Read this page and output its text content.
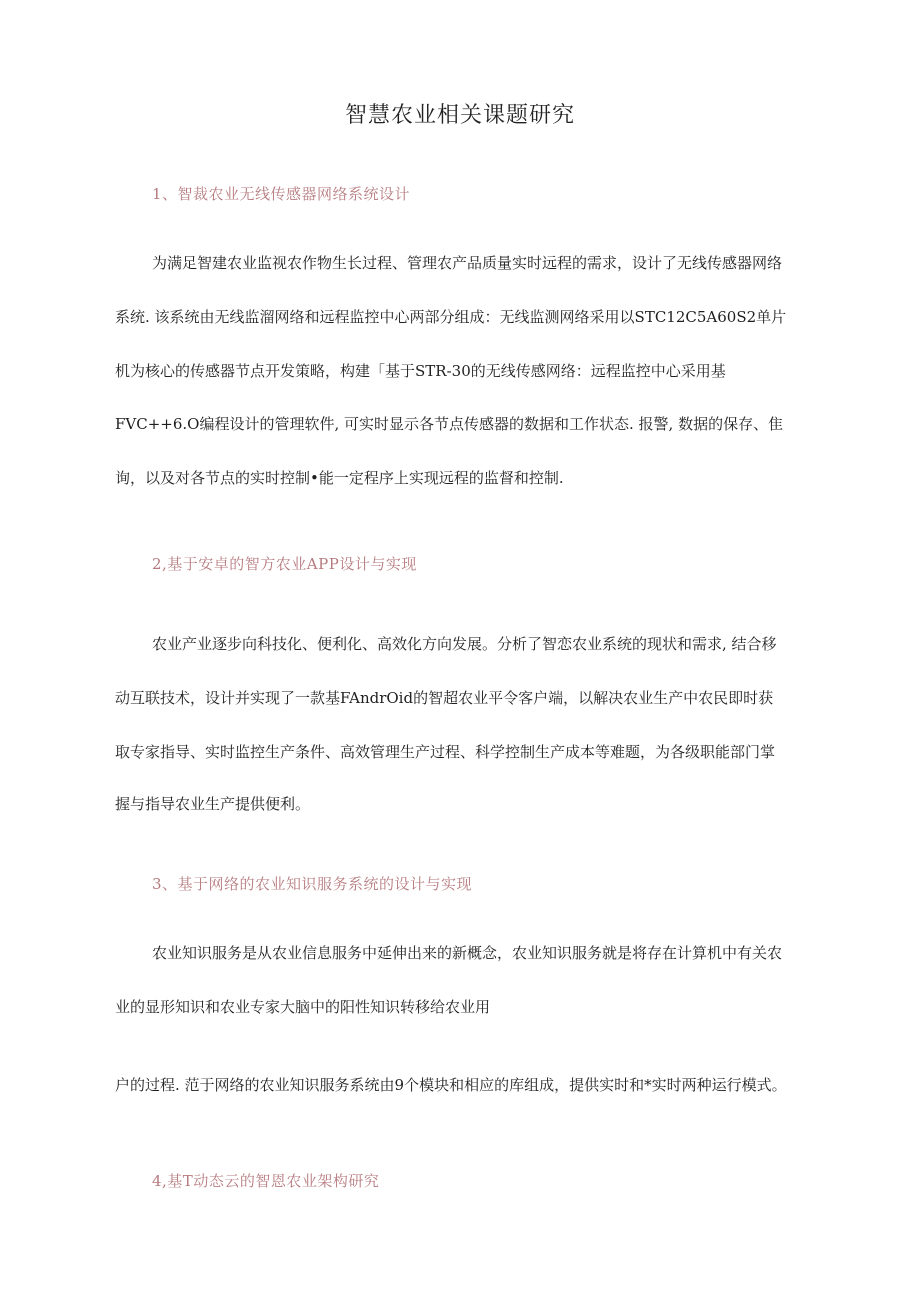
智慧农业相关课题研究
1、智裁农业无线传感器网络系统设计
为满足智建农业监视农作物生长过程、管理农产品质量实时远程的需求，设计了无线传感器网络
系统. 该系统由无线监溜网络和远程监控中心两部分组成：无线监测网络采用以STC12C5A60S2单片
机为核心的传感器节点开发策略，构建「基于STR-30的无线传感网络：远程监控中心采用基
FVC++6.O编程设计的管理软件, 可实时显示各节点传感器的数据和工作状态. 报警, 数据的保存、隹
询，以及对各节点的实时控制•能一定程序上实现远程的监督和控制.
2,基于安卓的智方农业APP设计与实现
农业产业逐步向科技化、便利化、高效化方向发展。分析了智恋农业系统的现状和需求, 结合移
动互联技术，设计并实现了一款基FAndrOid的智超农业平令客户端，以解决农业生产中农民即时获
取专家指导、实时监控生产条件、高效管理生产过程、科学控制生产成本等难题，为各级职能部门掌
握与指导农业生产提供便利。
3、基于网络的农业知识服务系统的设计与实现
农业知识服务是从农业信息服务中延伸出来的新概念，农业知识服务就是将存在计算机中有关农
业的显形知识和农业专家大脑中的阳性知识转移给农业用
户的过程. 范于网络的农业知识服务系统由9个模块和相应的库组成，提供实时和*实时两种运行模式。
4,基T动态云的智恩农业架构研究
